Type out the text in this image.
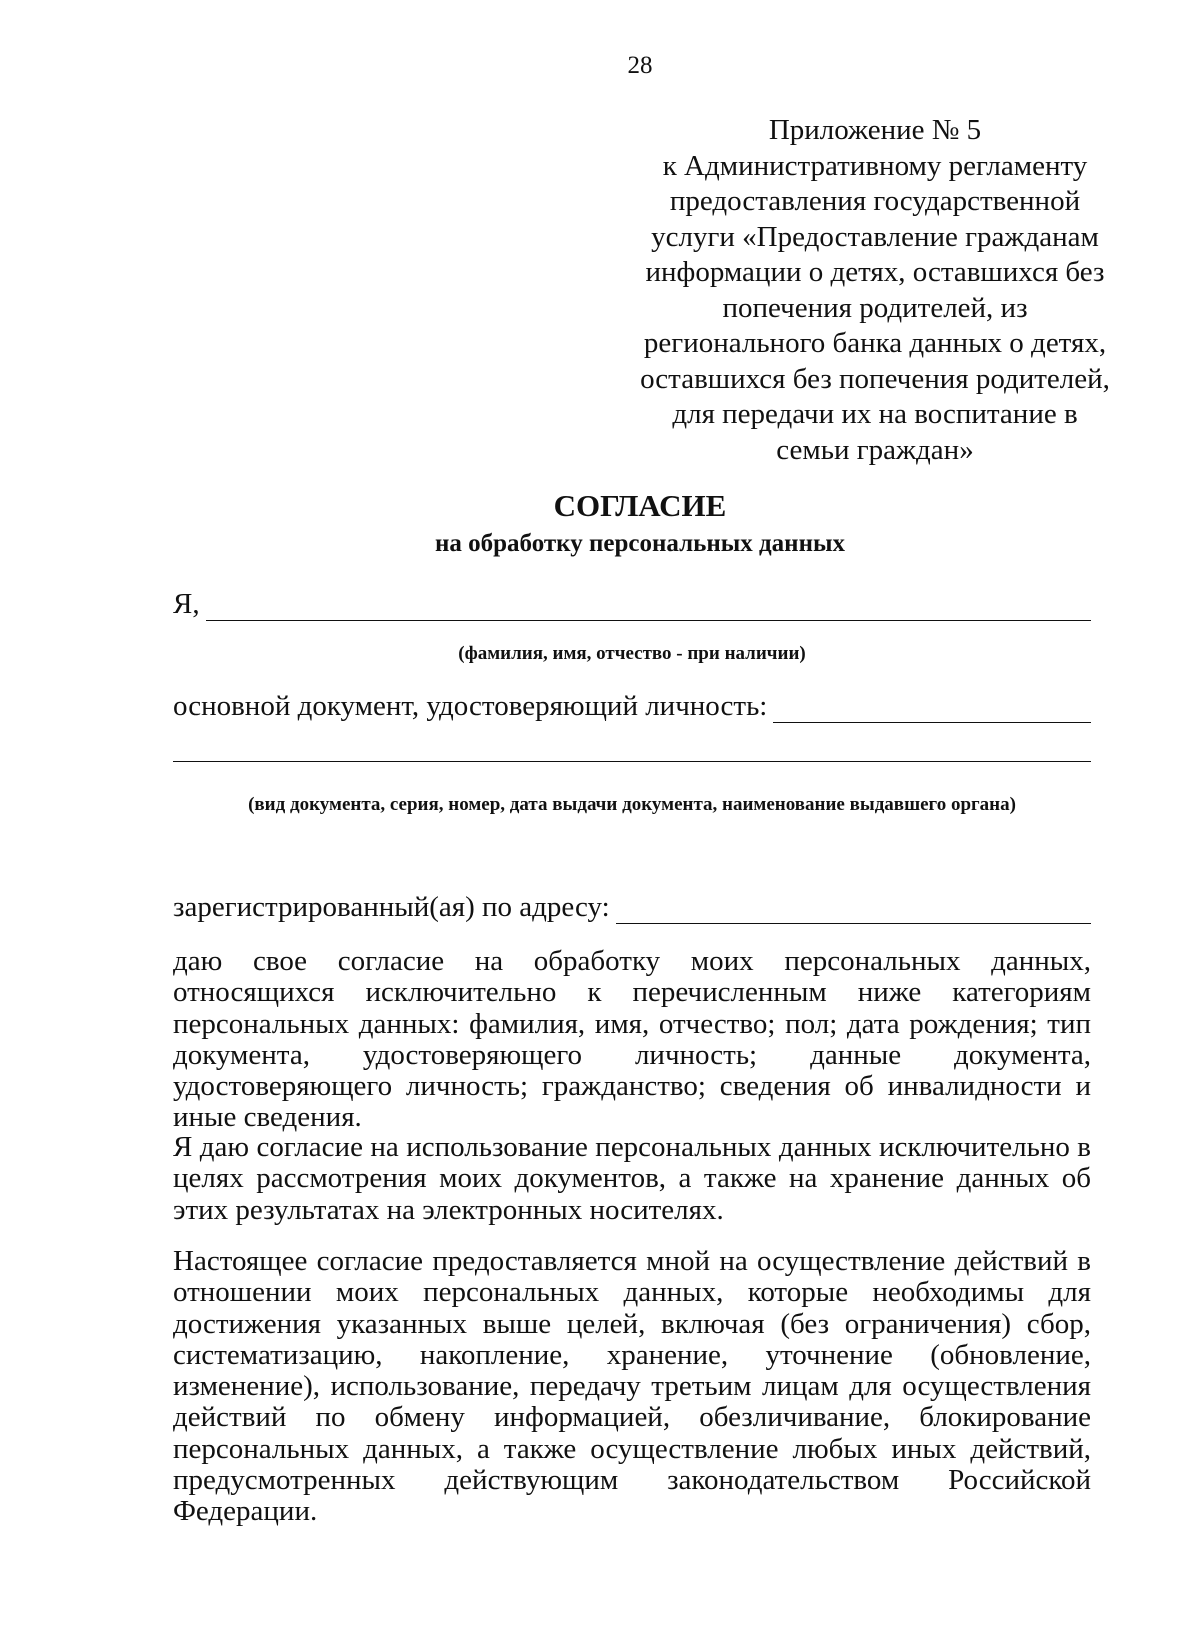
28
Приложение № 5
к Административному регламенту
предоставления государственной
услуги «Предоставление гражданам
информации о детях, оставшихся без
попечения родителей, из
регионального банка данных о детях,
оставшихся без попечения родителей,
для передачи их на воспитание в
семьи граждан»
СОГЛАСИЕ
на обработку персональных данных
Я,
(фамилия, имя, отчество - при наличии)
основной документ, удостоверяющий личность:
(вид документа, серия, номер, дата выдачи документа, наименование выдавшего органа)
зарегистрированный(ая) по адресу:
даю свое согласие на обработку моих персональных данных, относящихся исключительно к перечисленным ниже категориям персональных данных: фамилия, имя, отчество; пол; дата рождения; тип документа, удостоверяющего личность; данные документа, удостоверяющего личность; гражданство; сведения об инвалидности и иные сведения.
Я даю согласие на использование персональных данных исключительно в целях рассмотрения моих документов, а также на хранение данных об этих результатах на электронных носителях.
Настоящее согласие предоставляется мной на осуществление действий в отношении моих персональных данных, которые необходимы для достижения указанных выше целей, включая (без ограничения) сбор, систематизацию, накопление, хранение, уточнение (обновление, изменение), использование, передачу третьим лицам для осуществления действий по обмену информацией, обезличивание, блокирование персональных данных, а также осуществление любых иных действий, предусмотренных действующим законодательством Российской Федерации.
